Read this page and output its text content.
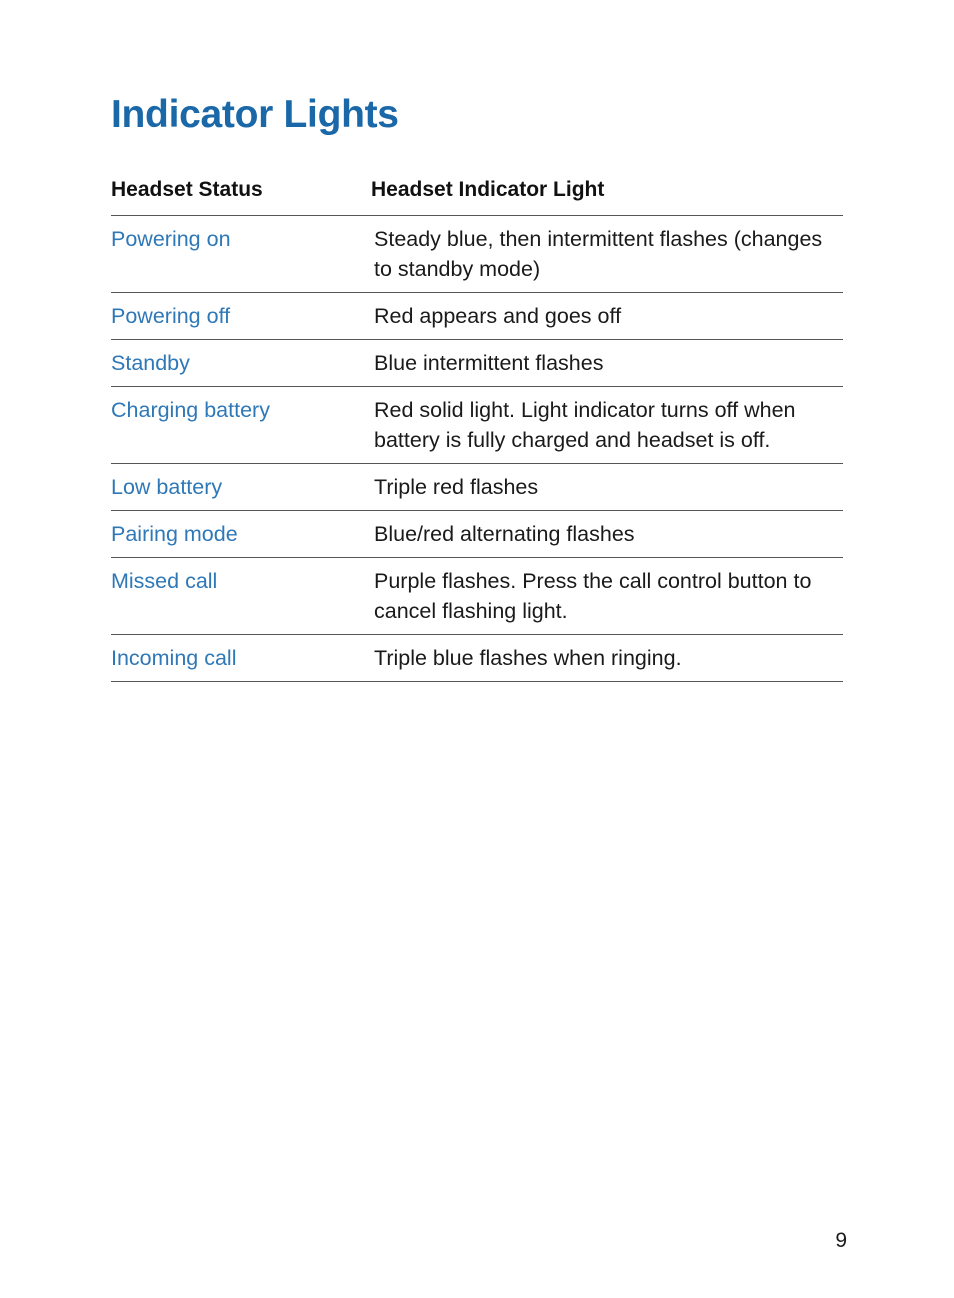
Indicator Lights
Headset Status	Headset Indicator Light
Powering on	Steady blue, then intermittent flashes (changes to standby mode)
Powering off	Red appears and goes off
Standby	Blue intermittent flashes
Charging battery	Red solid light. Light indicator turns off when battery is fully charged and headset is off.
Low battery	Triple red flashes
Pairing mode	Blue/red alternating flashes
Missed call	Purple flashes. Press the call control button to cancel flashing light.
Incoming call	Triple blue flashes when ringing.
9
